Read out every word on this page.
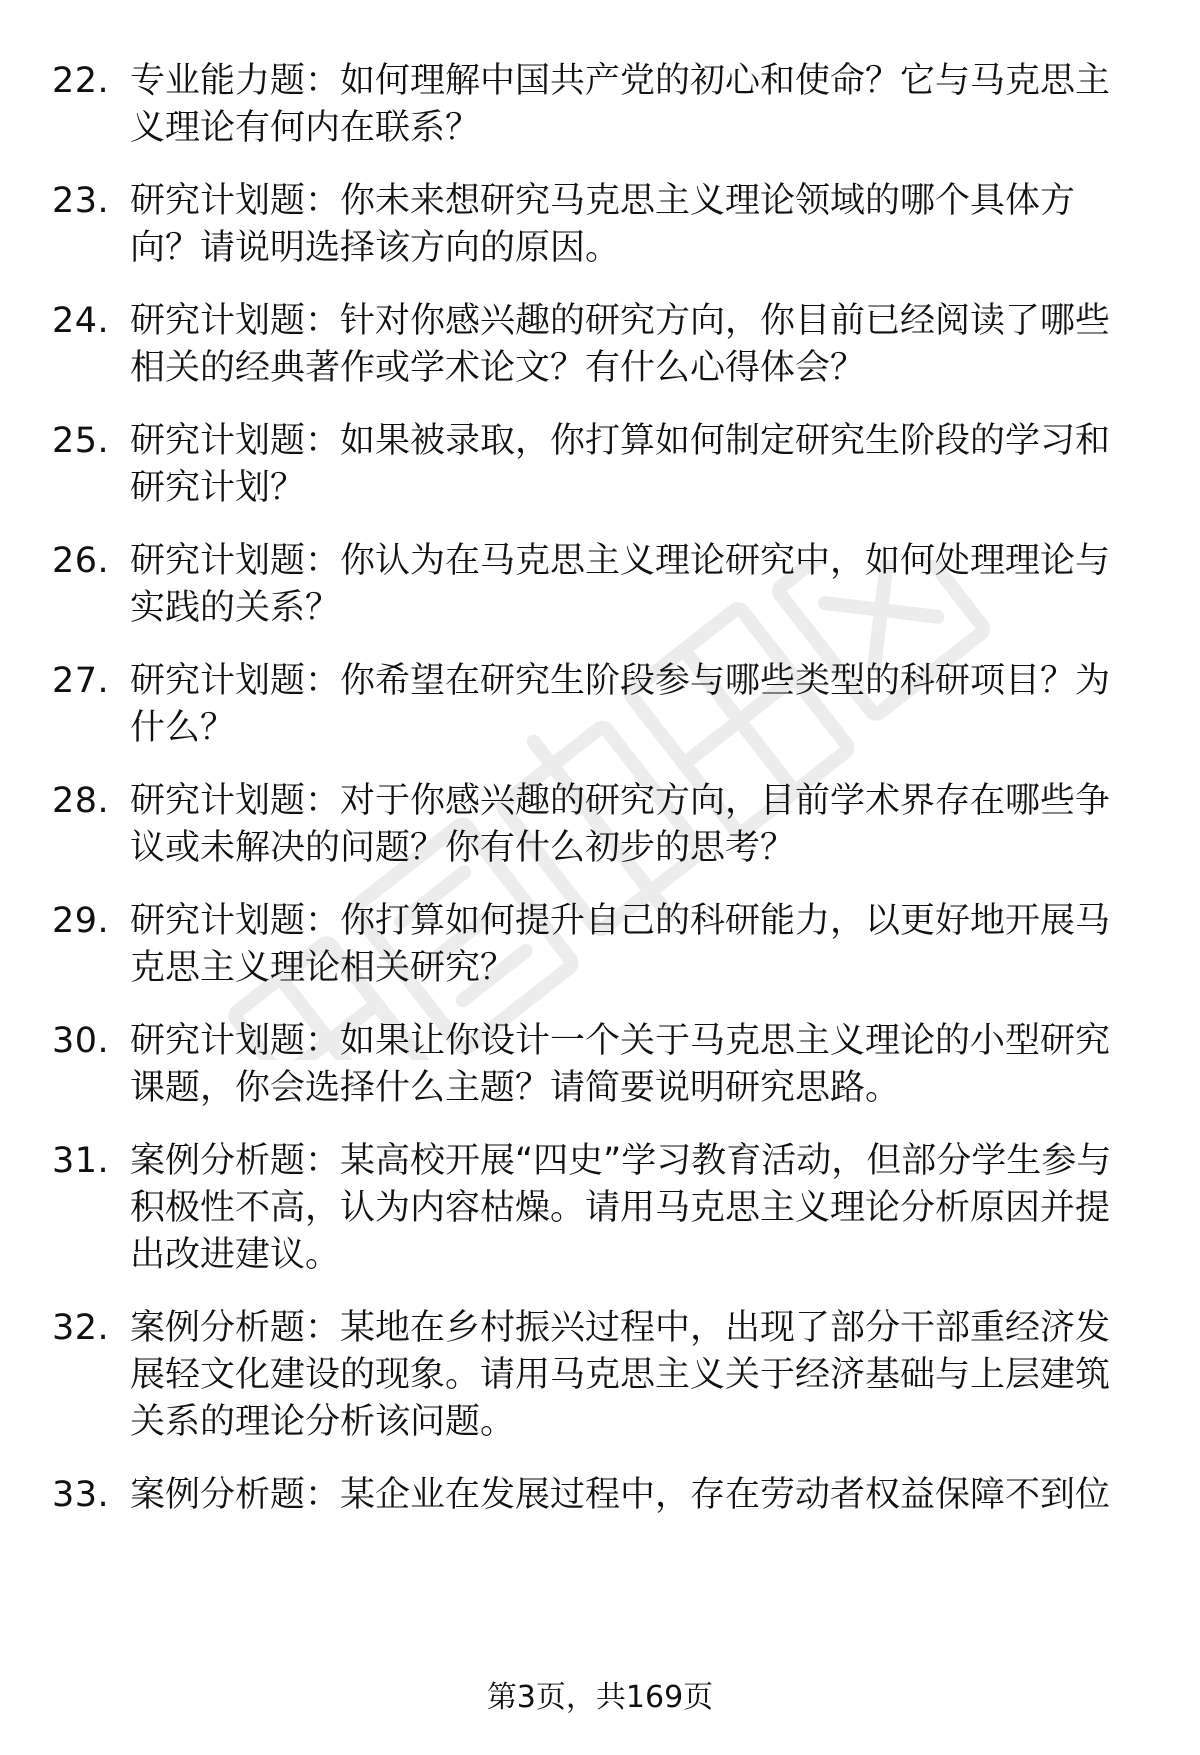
22. 专业能力题：如何理解中国共产党的初心和使命？它与马克思主义理论有何内在联系？
23. 研究计划题：你未来想研究马克思主义理论领域的哪个具体方向？请说明选择该方向的原因。
24. 研究计划题：针对你感兴趣的研究方向，你目前已经阅读了哪些相关的经典著作或学术论文？有什么心得体会？
25. 研究计划题：如果被录取，你打算如何制定研究生阶段的学习和研究计划？
26. 研究计划题：你认为在马克思主义理论研究中，如何处理理论与实践的关系？
27. 研究计划题：你希望在研究生阶段参与哪些类型的科研项目？为什么？
28. 研究计划题：对于你感兴趣的研究方向，目前学术界存在哪些争议或未解决的问题？你有什么初步的思考？
29. 研究计划题：你打算如何提升自己的科研能力，以更好地开展马克思主义理论相关研究？
30. 研究计划题：如果让你设计一个关于马克思主义理论的小型研究课题，你会选择什么主题？请简要说明研究思路。
31. 案例分析题：某高校开展“四史”学习教育活动，但部分学生参与积极性不高，认为内容枯燥。请用马克思主义理论分析原因并提出改进建议。
32. 案例分析题：某地在乡村振兴过程中，出现了部分干部重经济发展轻文化建设的现象。请用马克思主义关于经济基础与上层建筑关系的理论分析该问题。
33. 案例分析题：某企业在发展过程中，存在劳动者权益保障不到位
第3页，共169页
